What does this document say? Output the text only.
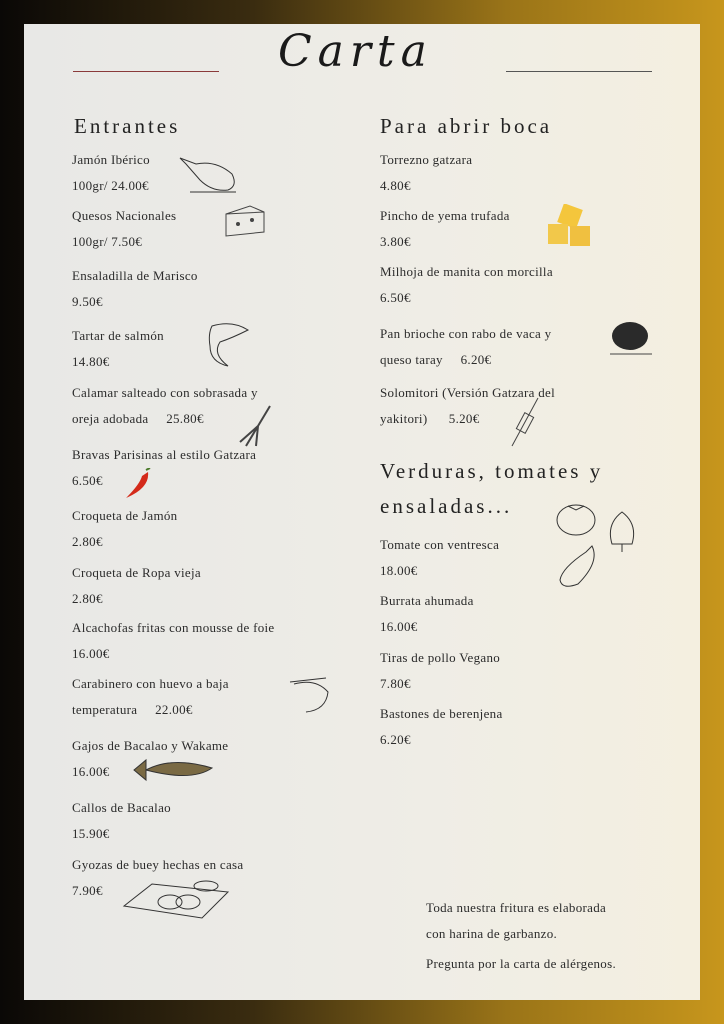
Carta
Entrantes	Para abrir boca
Verduras, tomates y
ensaladas...
Jamón Ibérico
100gr/ 24.00€
Quesos Nacionales
100gr/ 7.50€
Ensaladilla de Marisco
9.50€
Tartar de salmón
14.80€
Calamar salteado con sobrasada y
oreja adobada     25.80€
Bravas Parisinas al estilo Gatzara
6.50€
Croqueta de Jamón
2.80€
Croqueta de Ropa vieja
2.80€
Alcachofas fritas con mousse de foie
16.00€
Carabinero con huevo a baja
temperatura     22.00€
Gajos de Bacalao y Wakame
16.00€
Callos de Bacalao
15.90€
Gyozas de buey hechas en casa
7.90€
Torrezno gatzara
4.80€
Pincho de yema trufada
3.80€
Milhoja de manita con morcilla
6.50€
Pan brioche con rabo de vaca y
queso taray     6.20€
Solomitori (Versión Gatzara del
yakitori)      5.20€
Tomate con ventresca
18.00€
Burrata ahumada
16.00€
Tiras de pollo Vegano
7.80€
Bastones de berenjena
6.20€
Toda nuestra fritura es elaborada
con harina de garbanzo.
Pregunta por la carta de alérgenos.
